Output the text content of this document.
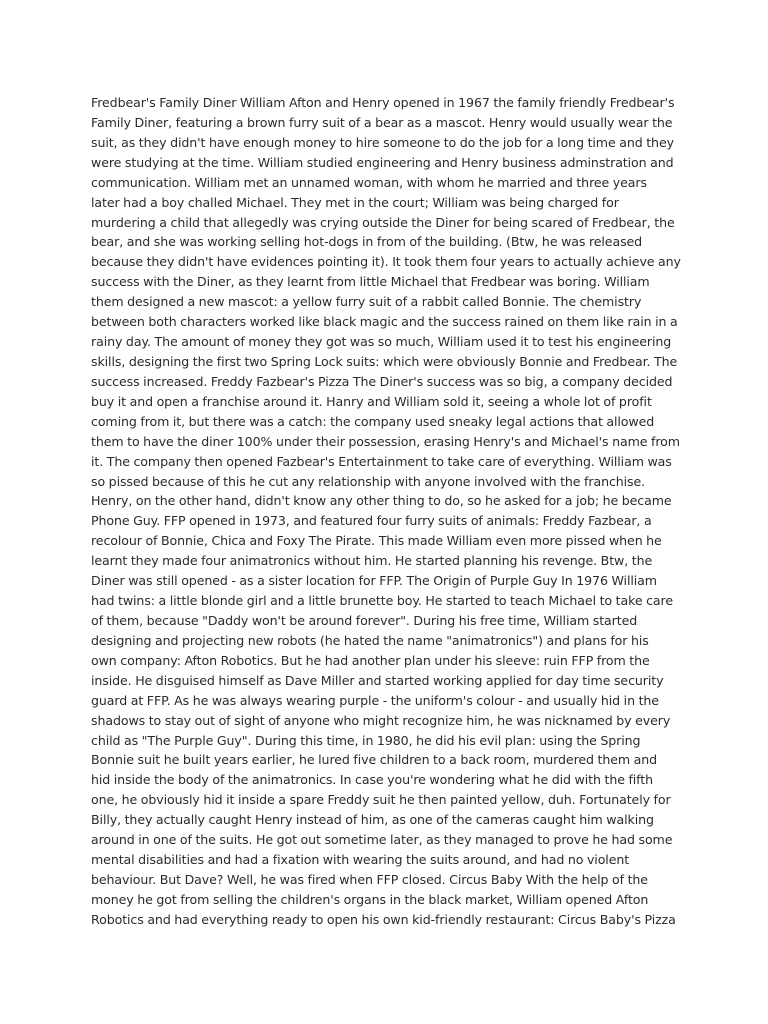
Fredbear's Family Diner William Afton and Henry opened in 1967 the family friendly Fredbear's
Family Diner, featuring a brown furry suit of a bear as a mascot. Henry would usually wear the
suit, as they didn't have enough money to hire someone to do the job for a long time and they
were studying at the time. William studied engineering and Henry business adminstration and
communication. William met an unnamed woman, with whom he married and three years
later had a boy challed Michael. They met in the court; William was being charged for
murdering a child that allegedly was crying outside the Diner for being scared of Fredbear, the
bear, and she was working selling hot-dogs in from of the building. (Btw, he was released
because they didn't have evidences pointing it). It took them four years to actually achieve any
success with the Diner, as they learnt from little Michael that Fredbear was boring. William
them designed a new mascot: a yellow furry suit of a rabbit called Bonnie. The chemistry
between both characters worked like black magic and the success rained on them like rain in a
rainy day. The amount of money they got was so much, William used it to test his engineering
skills, designing the first two Spring Lock suits: which were obviously Bonnie and Fredbear. The
success increased. Freddy Fazbear's Pizza The Diner's success was so big, a company decided
buy it and open a franchise around it. Hanry and William sold it, seeing a whole lot of profit
coming from it, but there was a catch: the company used sneaky legal actions that allowed
them to have the diner 100% under their possession, erasing Henry's and Michael's name from
it. The company then opened Fazbear's Entertainment to take care of everything. William was
so pissed because of this he cut any relationship with anyone involved with the franchise.
Henry, on the other hand, didn't know any other thing to do, so he asked for a job; he became
Phone Guy. FFP opened in 1973, and featured four furry suits of animals: Freddy Fazbear, a
recolour of Bonnie, Chica and Foxy The Pirate. This made William even more pissed when he
learnt they made four animatronics without him. He started planning his revenge. Btw, the
Diner was still opened - as a sister location for FFP. The Origin of Purple Guy In 1976 William
had twins: a little blonde girl and a little brunette boy. He started to teach Michael to take care
of them, because "Daddy won't be around forever". During his free time, William started
designing and projecting new robots (he hated the name "animatronics") and plans for his
own company: Afton Robotics. But he had another plan under his sleeve: ruin FFP from the
inside. He disguised himself as Dave Miller and started working applied for day time security
guard at FFP. As he was always wearing purple - the uniform's colour - and usually hid in the
shadows to stay out of sight of anyone who might recognize him, he was nicknamed by every
child as "The Purple Guy". During this time, in 1980, he did his evil plan: using the Spring
Bonnie suit he built years earlier, he lured five children to a back room, murdered them and
hid inside the body of the animatronics. In case you're wondering what he did with the fifth
one, he obviously hid it inside a spare Freddy suit he then painted yellow, duh. Fortunately for
Billy, they actually caught Henry instead of him, as one of the cameras caught him walking
around in one of the suits. He got out sometime later, as they managed to prove he had some
mental disabilities and had a fixation with wearing the suits around, and had no violent
behaviour. But Dave? Well, he was fired when FFP closed. Circus Baby With the help of the
money he got from selling the children's organs in the black market, William opened Afton
Robotics and had everything ready to open his own kid-friendly restaurant: Circus Baby's Pizza
